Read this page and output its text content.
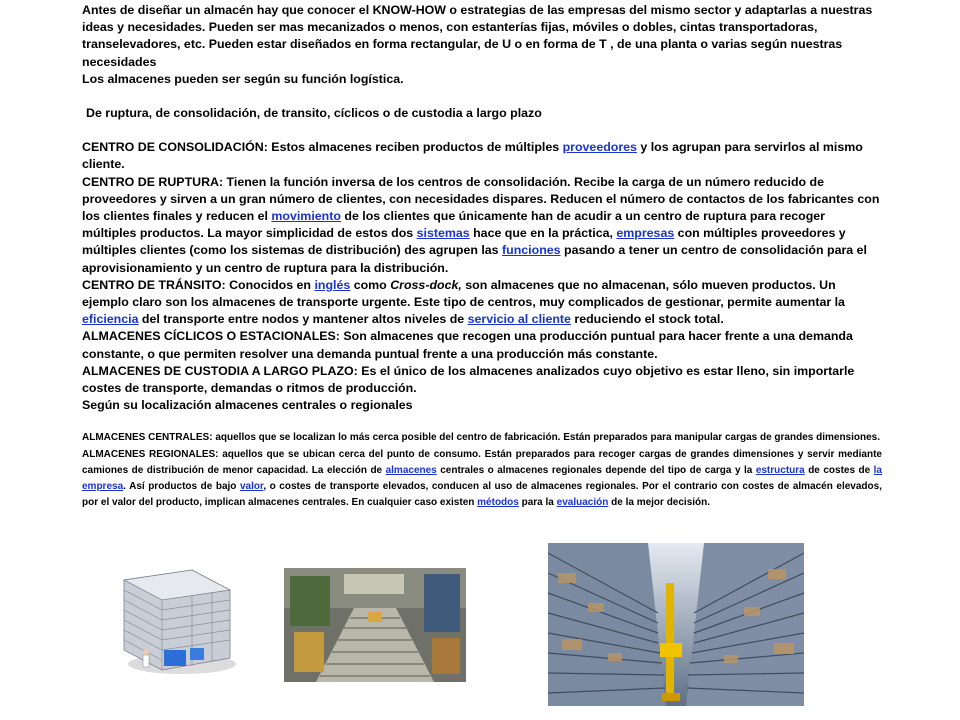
Antes de diseñar un almacén hay que conocer el KNOW-HOW o estrategias de las empresas del mismo sector y adaptarlas a nuestras ideas y necesidades. Pueden ser mas mecanizados o menos, con estanterías fijas, móviles o dobles, cintas transportadoras, transelevadores, etc. Pueden estar diseñados en forma rectangular, de U o en forma de T , de una planta o varias según nuestras necesidades

Los almacenes pueden ser según su función logística.

De ruptura, de consolidación, de transito, cíclicos o de custodia a largo plazo

CENTRO DE CONSOLIDACIÓN: Estos almacenes reciben productos de múltiples proveedores y los agrupan para servirlos al mismo cliente.

CENTRO DE RUPTURA: Tienen la función inversa de los centros de consolidación. Recibe la carga de un número reducido de proveedores y sirven a un gran número de clientes, con necesidades dispares. Reducen el número de contactos de los fabricantes con los clientes finales y reducen el movimiento de los clientes que únicamente han de acudir a un centro de ruptura para recoger múltiples productos. La mayor simplicidad de estos dos sistemas hace que en la práctica, empresas con múltiples proveedores y múltiples clientes (como los sistemas de distribución) des agrupen las funciones pasando a tener un centro de consolidación para el aprovisionamiento y un centro de ruptura para la distribución.

CENTRO DE TRÁNSITO: Conocidos en inglés como Cross-dock, son almacenes que no almacenan, sólo mueven productos. Un ejemplo claro son los almacenes de transporte urgente. Este tipo de centros, muy complicados de gestionar, permite aumentar la eficiencia del transporte entre nodos y mantener altos niveles de servicio al cliente reduciendo el stock total.

ALMACENES CÍCLICOS O ESTACIONALES: Son almacenes que recogen una producción puntual para hacer frente a una demanda constante, o que permiten resolver una demanda puntual frente a una producción más constante.

ALMACENES DE CUSTODIA A LARGO PLAZO: Es el único de los almacenes analizados cuyo objetivo es estar lleno, sin importarle costes de transporte, demandas o ritmos de producción.

Según su localización almacenes centrales o regionales

ALMACENES CENTRALES: aquellos que se localizan lo más cerca posible del centro de fabricación. Están preparados para manipular cargas de grandes dimensiones.

ALMACENES REGIONALES: aquellos que se ubican cerca del punto de consumo. Están preparados para recoger cargas de grandes dimensiones y servir mediante camiones de distribución de menor capacidad. La elección de almacenes centrales o almacenes regionales depende del tipo de carga y la estructura de costes de la empresa. Así productos de bajo valor, o costes de transporte elevados, conducen al uso de almacenes regionales. Por el contrario con costes de almacén elevados, por el valor del producto, implican almacenes centrales. En cualquier caso existen métodos para la evaluación de la mejor decisión.
